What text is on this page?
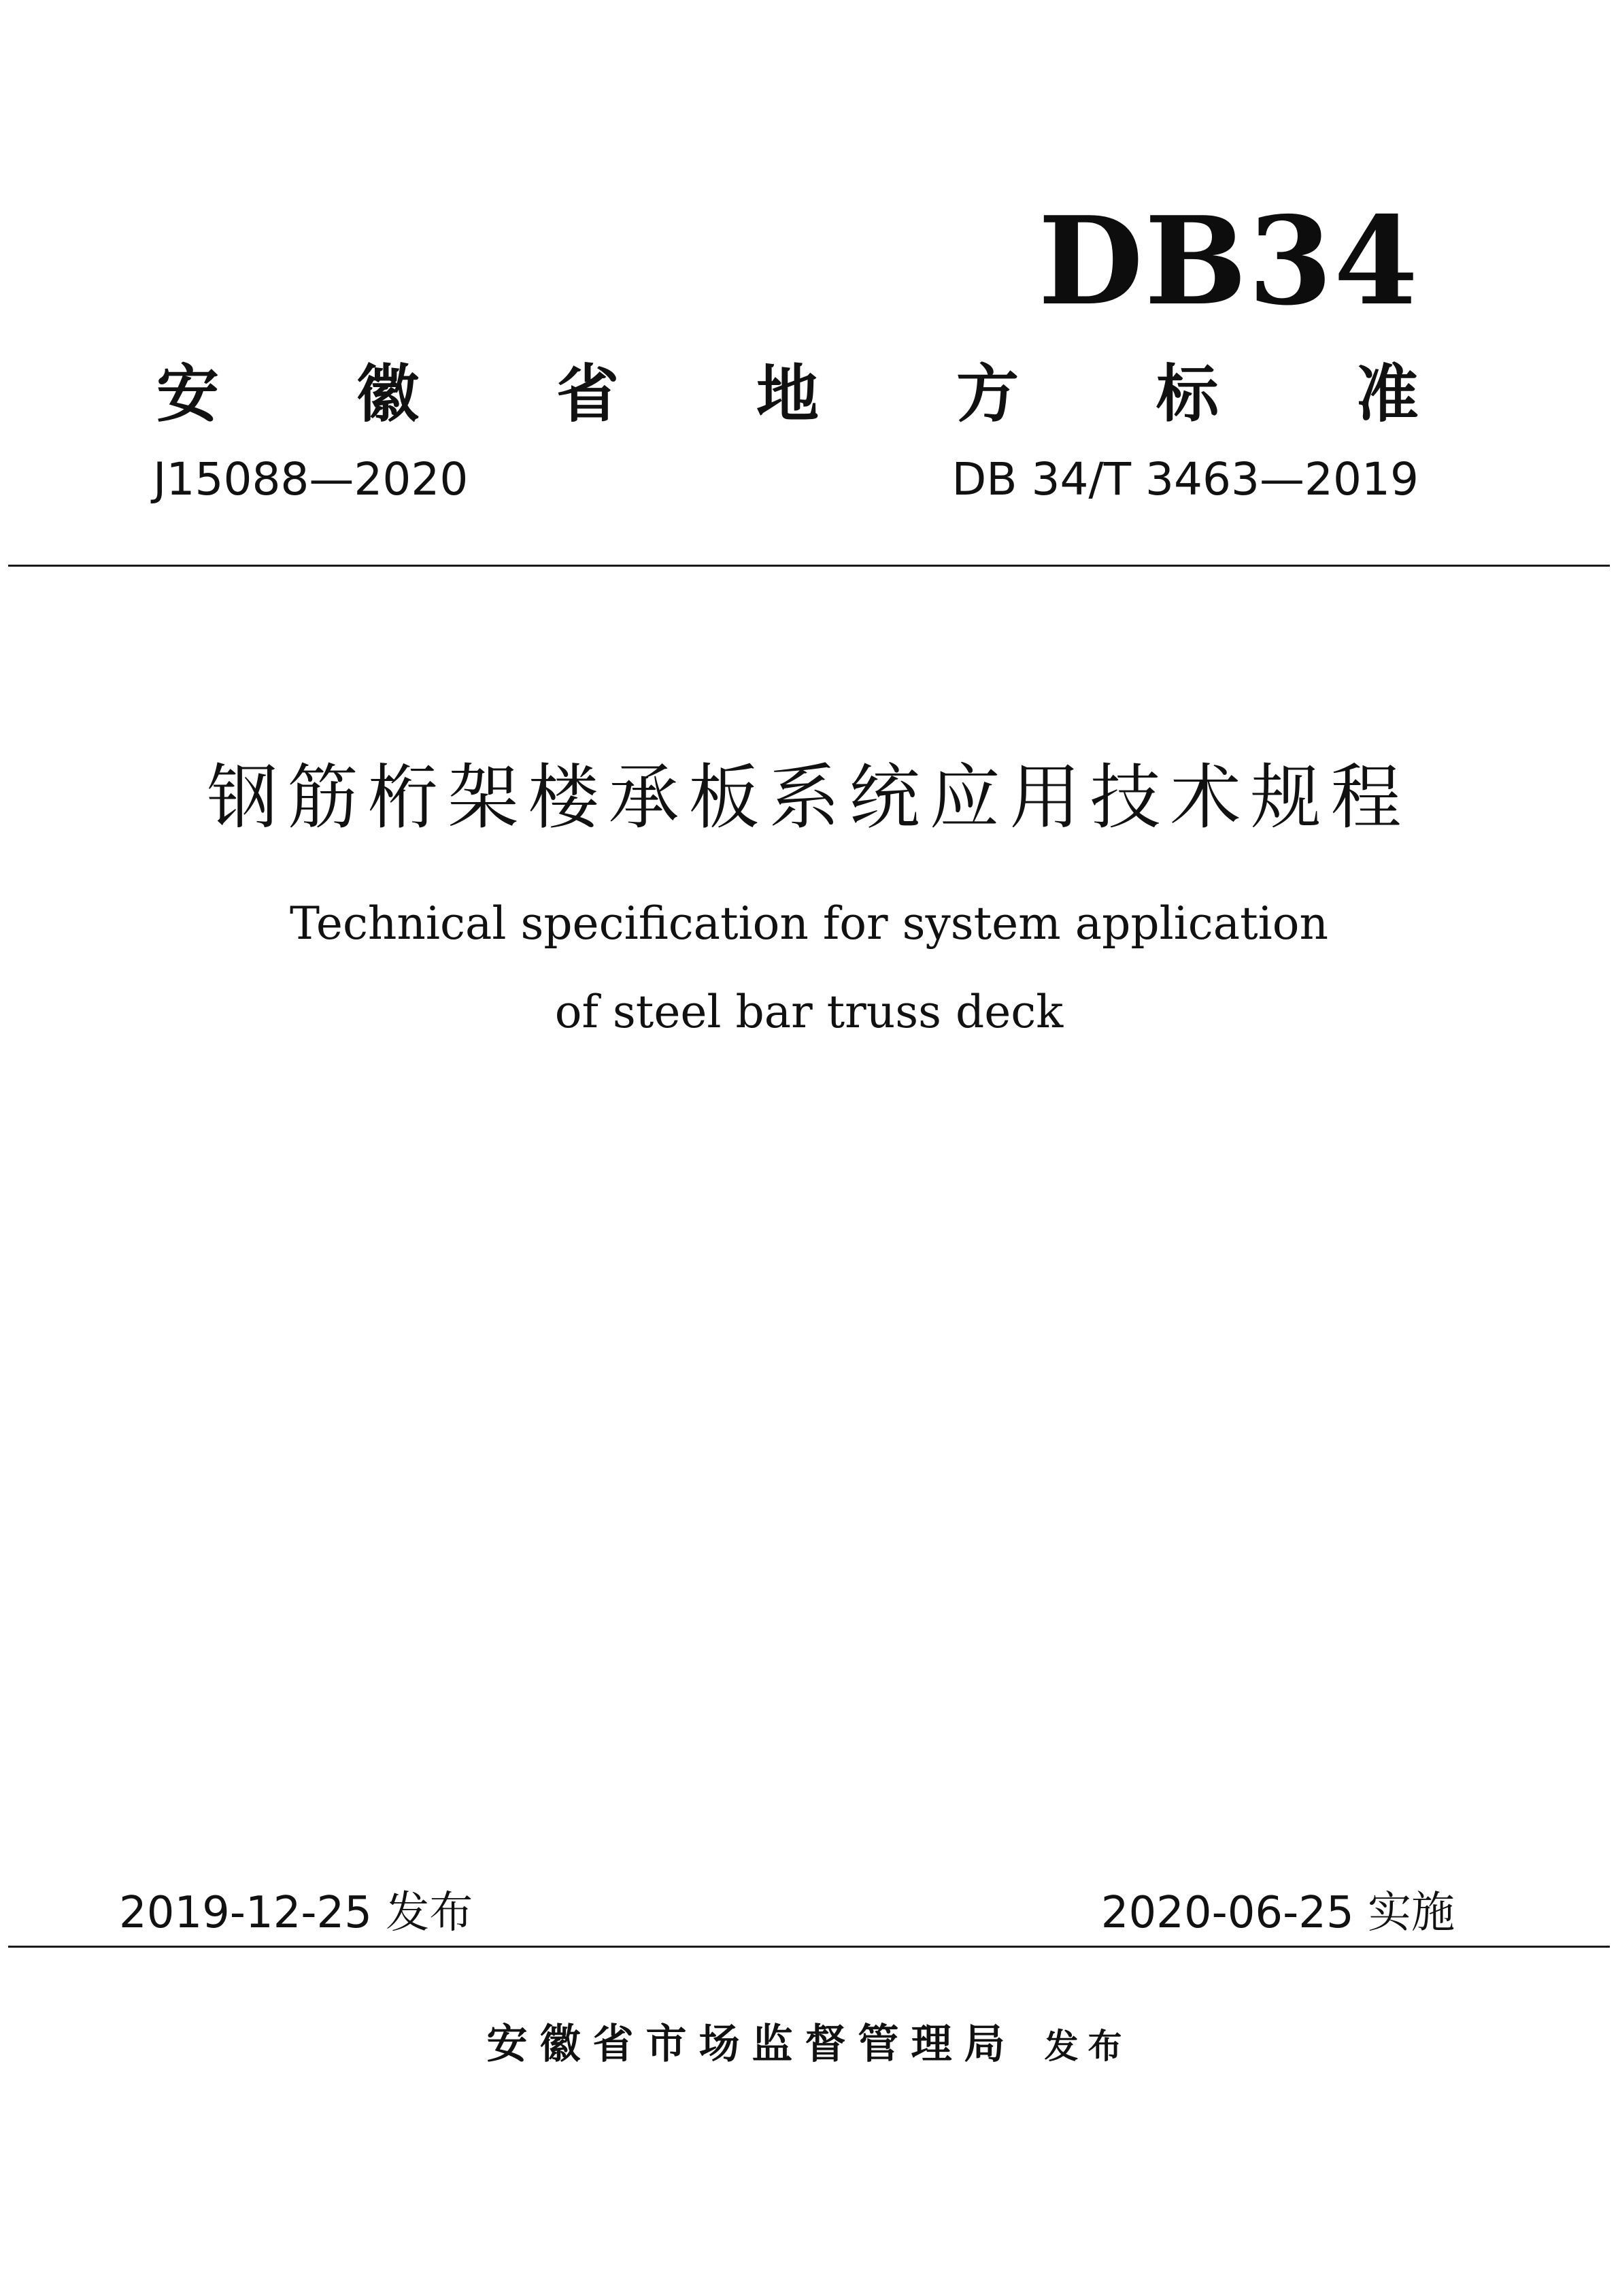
DB34
安 徽 省 地 方 标 准
J15088—2020	DB 34/T 3463—2019
钢筋桁架楼承板系统应用技术规程
Technical specification for system application
of steel bar truss deck
2019-12-25 发布	2020-06-25 实施
安徽省市场监督管理局 发布
